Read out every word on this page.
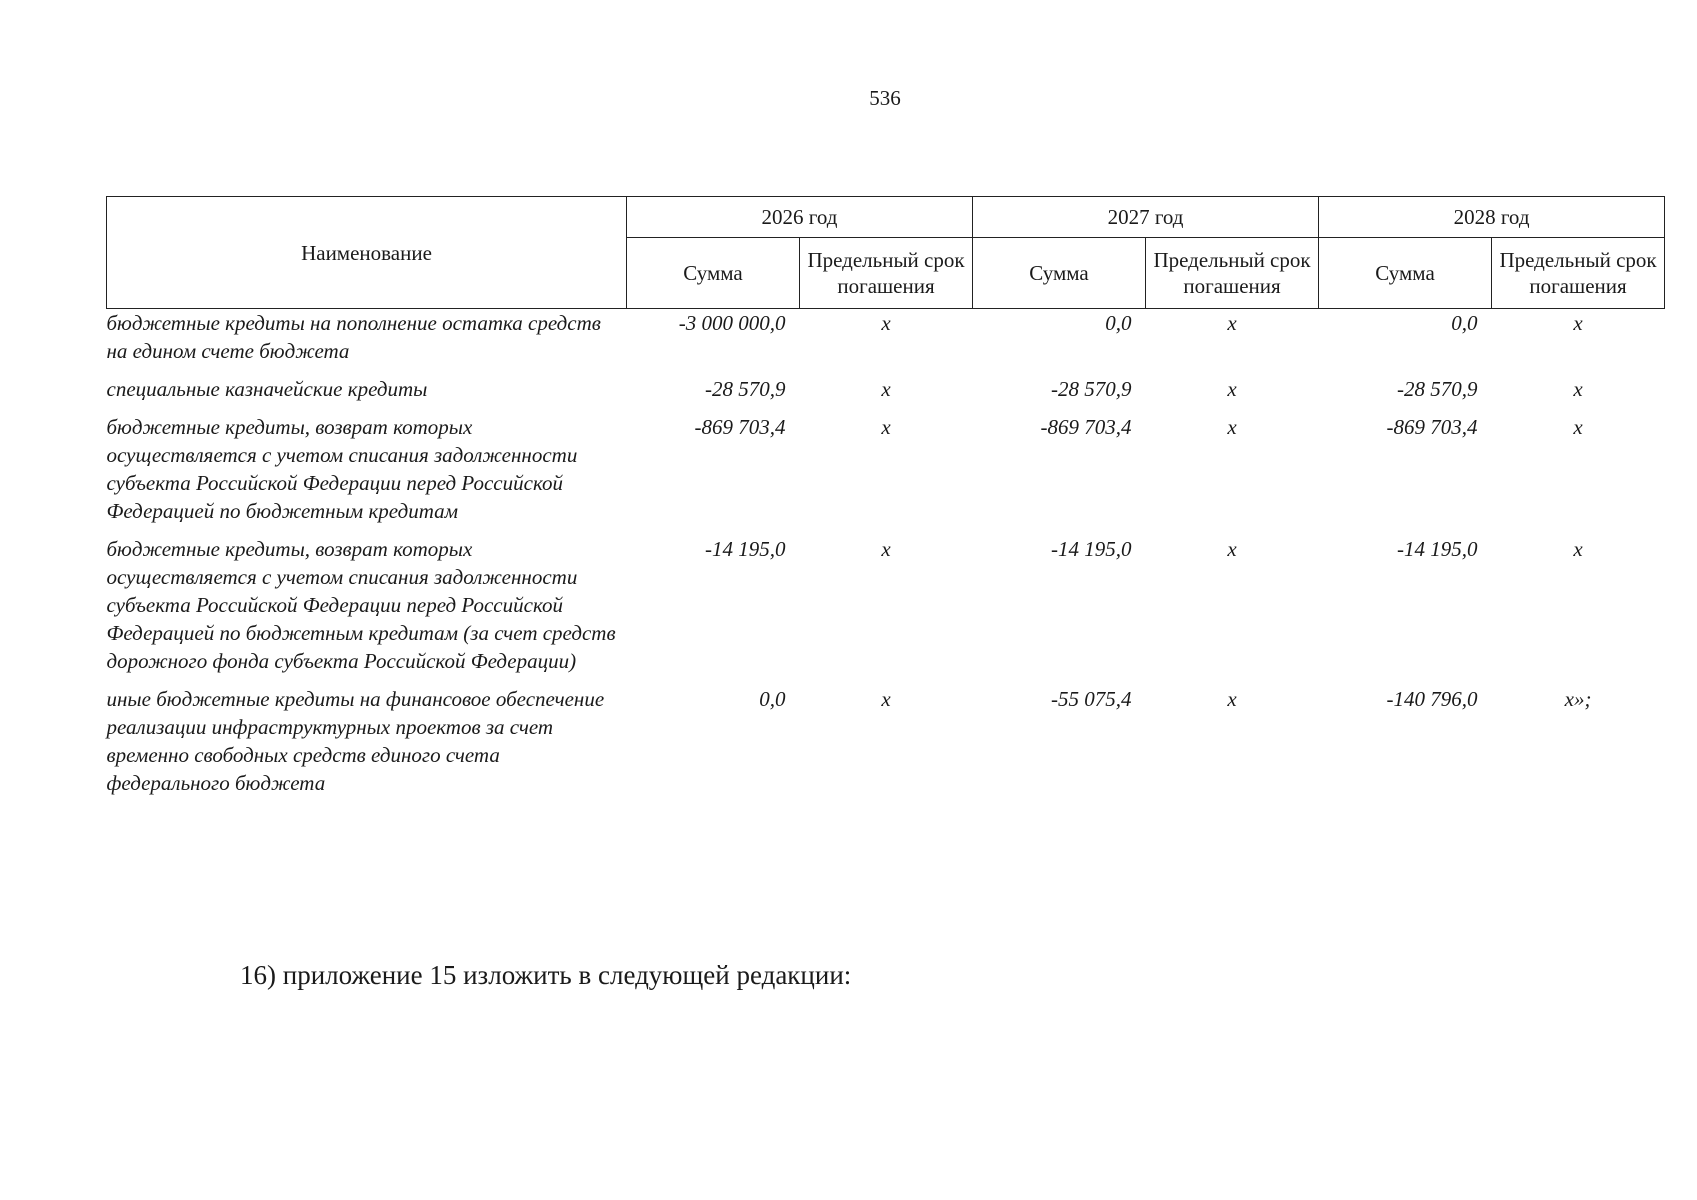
536
Наименование	2026 год		2027 год		2028 год	
	Сумма	Предельный срок погашения	Сумма	Предельный срок погашения	Сумма	Предельный срок погашения
бюджетные кредиты на пополнение остатка средств на едином счете бюджета	-3 000 000,0	x	0,0	x	0,0	x
специальные казначейские кредиты	-28 570,9	x	-28 570,9	x	-28 570,9	x
бюджетные кредиты, возврат которых осуществляется с учетом списания задолженности субъекта Российской Федерации перед Российской Федерацией по бюджетным кредитам	-869 703,4	x	-869 703,4	x	-869 703,4	x
бюджетные кредиты, возврат которых осуществляется с учетом списания задолженности субъекта Российской Федерации перед Российской Федерацией по бюджетным кредитам (за счет средств дорожного фонда субъекта Российской Федерации)	-14 195,0	x	-14 195,0	x	-14 195,0	x
иные бюджетные кредиты на финансовое обеспечение реализации инфраструктурных проектов за счет временно свободных средств единого счета федерального бюджета	0,0	x	-55 075,4	x	-140 796,0	x»;
16) приложение 15 изложить в следующей редакции:
